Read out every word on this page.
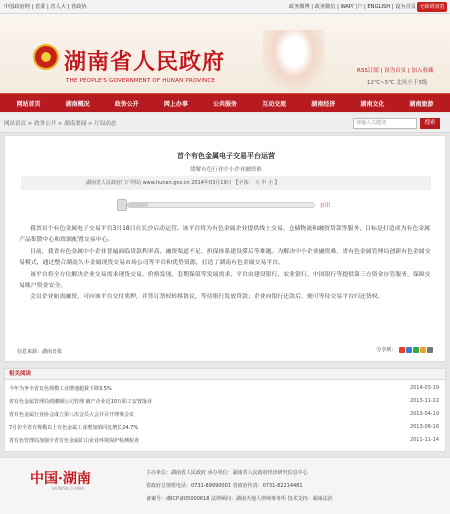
中国政府网 | 省委 | 省人大 | 省政协	政务微博 | 政务微信 | WAP门户 | ENGLISH | 设为首页 无障碍浏览
湖南省人民政府
THE PEOPLE'S GOVERNMENT OF HUNAN PROVINCE
RSS订阅 | 设为首页 | 加入收藏
12℃~5℃ 北风小于3级
网站首页	湖南概况	政务公开	网上办事	公共服务	互动交流	湖南经济	湖南文化	湖南旅游
网站首页 > 政务公开 > 湖南要闻 > 厅局动态	请输入关键词	搜索
首个有色金属电子交易平台运营
缓解有色行业中小企业融资难
湖南省人民政府门户网站 www.hunan.gov.cn 2014年03月19日 【字体： 大 中 小 】
打印

我省首个有色金属电子交易平台3月18日在长沙启动运营。该平台将为有色金属企业提供线上交易、仓储物流和融资贷款等服务，目标是打造成为有色金属产品集散中心和资源配置交易中心。

目前，我省有色金属中小企业普遍面临贷款利率高、融资渠道不足、担保体系建设滞后等难题。为解决中小企业融资难，省有色金属管理局创新有色金属交易模式，通过整合湖南久丰金属现货交易市场公司等平台和优势资源，打造了湖南有色金属交易平台。

该平台将全方位解决企业交易需求现货交易、价格发现、套期保值等发展需求。平台由建设银行、农业银行、中国银行等提供第三方资金存管服务，保障交易账户资金安全。

会员企业如需融资，可向该平台交付质押，并签订货权转移协议，等待银行发放贷款；企业向银行还款后，便可等待交易平台归还货权。

信息来源：湖南日报	分享到：
相关阅读
今年为争全省有色规模工业增速超我下降3.5%	2014-03-19
省有色金属管理局到湘钢公司管理 破产企业近10万职工安置落业	2013-11-22
省有色金属行业协会成立第八次会员大会并召开理事会议	2013-04-19
7月份全省有规模以上有色金属工业增加值同比增长24.7%	2013-08-16
省有色管理局加强全省有色金属矿山企业环境保护检测检查	2011-11-14
中国·湖南
HUNAN CHINA
主办单位：湖南省人民政府 承办单位：湖南省人民政府经济研究信息中心
省政府总值班电话：0731-89990001 省政府传真：0731-82214481
备案号：湘ICP备05000618 法律顾问：湖南天地人律师事务所 技术支持：湖南法治
